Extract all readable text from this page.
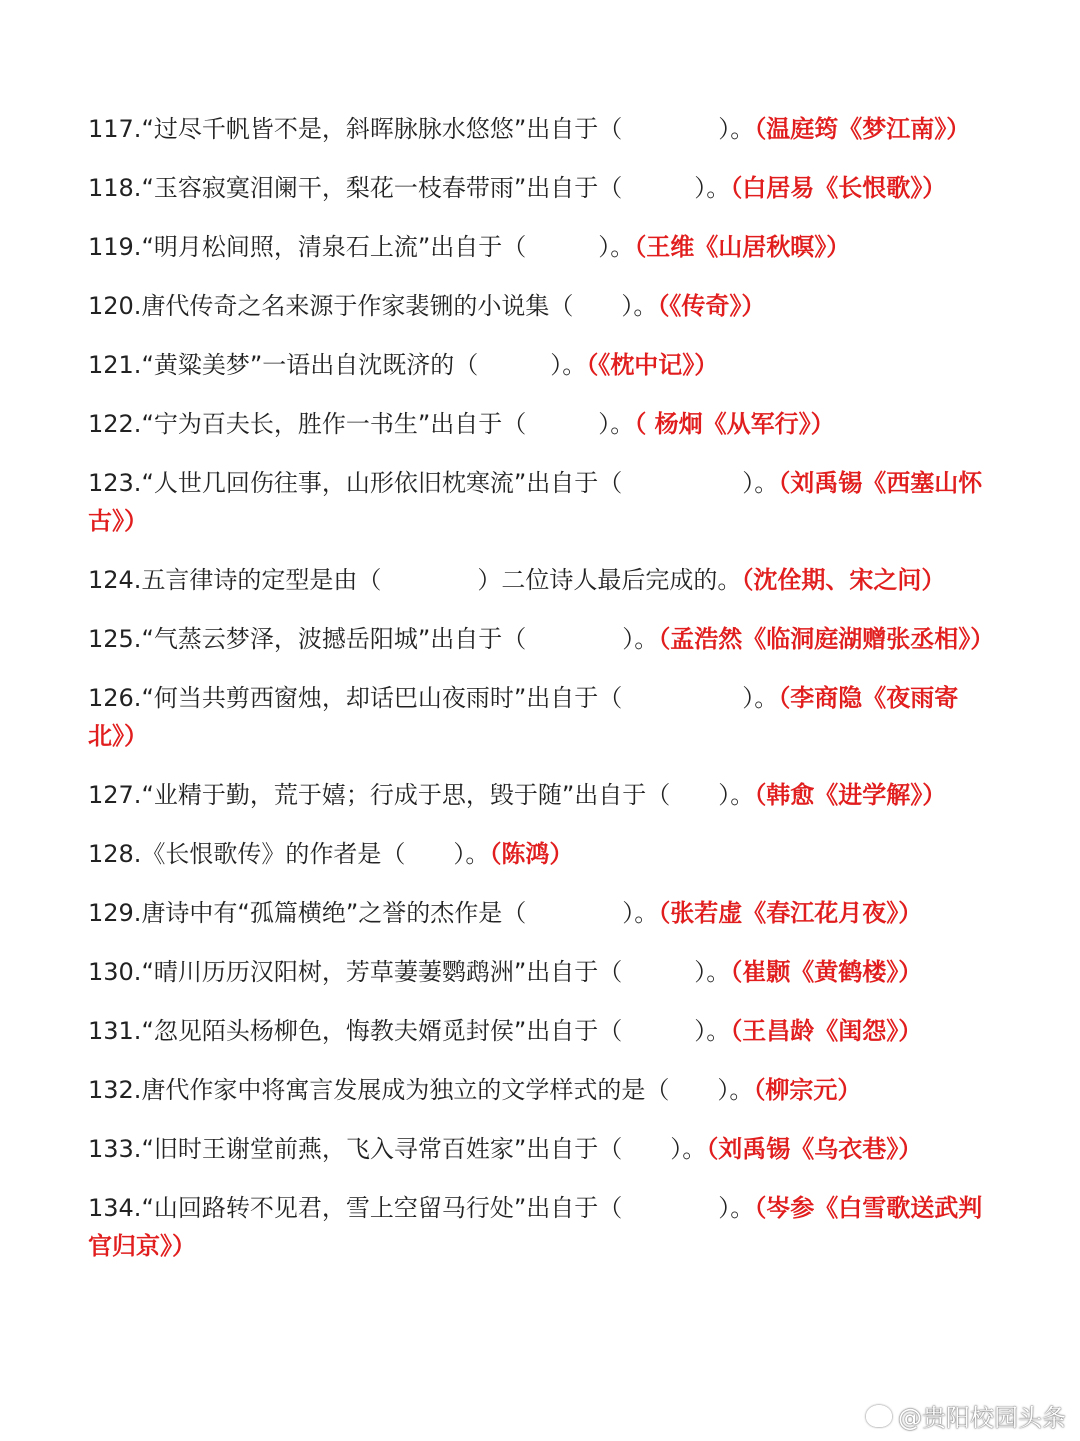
117.“过尽千帆皆不是，斜晖脉脉水悠悠”出自于（　　　　）。（温庭筠《梦江南》）
118.“玉容寂寞泪阑干，梨花一枝春带雨”出自于（　　　）。（白居易《长恨歌》）
119.“明月松间照，清泉石上流”出自于（　　　）。（王维《山居秋暝》）
120.唐代传奇之名来源于作家裴铏的小说集（　　）。（《传奇》）
121.“黄粱美梦”一语出自沈既济的（　　　）。（《枕中记》）
122.“宁为百夫长，胜作一书生”出自于（　　　）。（ 杨炯《从军行》）
123.“人世几回伤往事，山形依旧枕寒流”出自于（　　　　　）。（刘禹锡《西塞山怀古》）
124.五言律诗的定型是由（　　　　）二位诗人最后完成的。（沈佺期、宋之问）
125.“气蒸云梦泽，波撼岳阳城”出自于（　　　　）。（孟浩然《临洞庭湖赠张丞相》）
126.“何当共剪西窗烛，却话巴山夜雨时”出自于（　　　　　）。（李商隐《夜雨寄北》）
127.“业精于勤，荒于嬉；行成于思，毁于随”出自于（　　）。（韩愈《进学解》）
128.《长恨歌传》的作者是（　　）。（陈鸿）
129.唐诗中有“孤篇横绝”之誉的杰作是（　　　　）。（张若虚《春江花月夜》）
130.“晴川历历汉阳树，芳草萋萋鹦鹉洲”出自于（　　　）。（崔颢《黄鹤楼》）
131.“忽见陌头杨柳色，悔教夫婿觅封侯”出自于（　　　）。（王昌龄《闺怨》）
132.唐代作家中将寓言发展成为独立的文学样式的是（　　）。（柳宗元）
133.“旧时王谢堂前燕，飞入寻常百姓家”出自于（　　）。（刘禹锡《乌衣巷》）
134.“山回路转不见君，雪上空留马行处”出自于（　　　　）。（岑参《白雪歌送武判官归京》）
@贵阳校园头条
